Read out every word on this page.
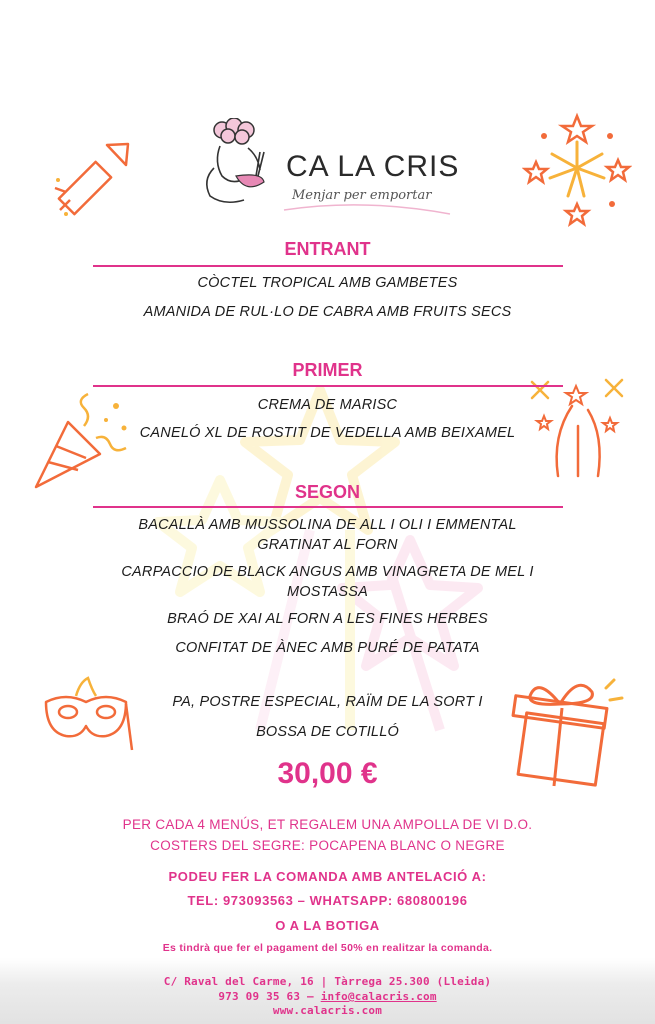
CA LA CRIS
Menjar per emportar
ENTRANT
CÒCTEL TROPICAL AMB GAMBETES
AMANIDA DE RUL·LO DE CABRA AMB FRUITS SECS
PRIMER
CREMA DE MARISC
CANELÓ XL DE ROSTIT DE VEDELLA AMB BEIXAMEL
SEGON
BACALLÀ AMB MUSSOLINA DE ALL I OLI I EMMENTAL
GRATINAT AL FORN
CARPACCIO DE BLACK ANGUS AMB VINAGRETA DE MEL I
MOSTASSA
BRAÓ DE XAI AL FORN A LES FINES HERBES
CONFITAT DE ÀNEC AMB PURÉ DE PATATA
PA, POSTRE ESPECIAL, RAÏM DE LA SORT I
BOSSA DE COTILLÓ
30,00 €
PER CADA 4 MENÚS, ET REGALEM UNA AMPOLLA DE VI D.O.
COSTERS DEL SEGRE: POCAPENA BLANC O NEGRE
PODEU FER LA COMANDA AMB ANTELACIÓ A:
TEL: 973093563 – WHATSAPP: 680800196
O A LA BOTIGA
Es tindrà que fer el pagament del 50% en realitzar la comanda.
C/ Raval del Carme, 16 | Tàrrega 25.300 (Lleida)
973 09 35 63 – info@calacris.com
www.calacris.com
